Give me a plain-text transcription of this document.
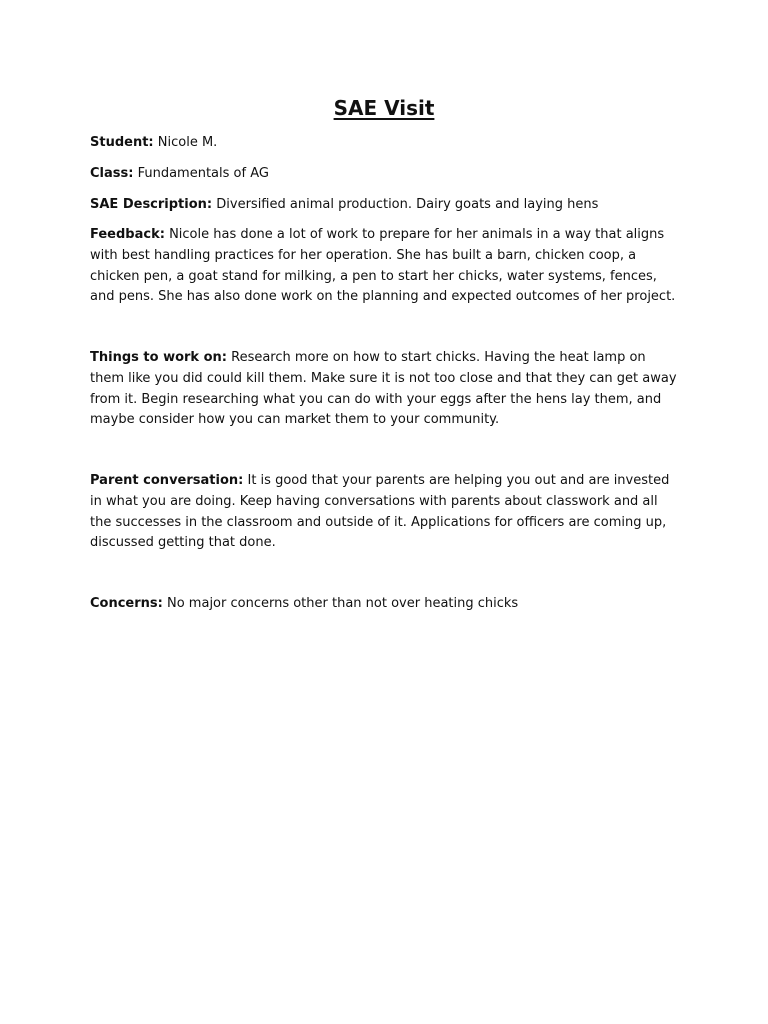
SAE Visit

Student: Nicole M.

Class: Fundamentals of AG

SAE Description: Diversified animal production. Dairy goats and laying hens

Feedback: Nicole has done a lot of work to prepare for her animals in a way that aligns with best handling practices for her operation. She has built a barn, chicken coop, a chicken pen, a goat stand for milking, a pen to start her chicks, water systems, fences, and pens. She has also done work on the planning and expected outcomes of her project.

Things to work on: Research more on how to start chicks. Having the heat lamp on them like you did could kill them. Make sure it is not too close and that they can get away from it. Begin researching what you can do with your eggs after the hens lay them, and maybe consider how you can market them to your community.

Parent conversation: It is good that your parents are helping you out and are invested in what you are doing. Keep having conversations with parents about classwork and all the successes in the classroom and outside of it. Applications for officers are coming up, discussed getting that done.

Concerns: No major concerns other than not over heating chicks
